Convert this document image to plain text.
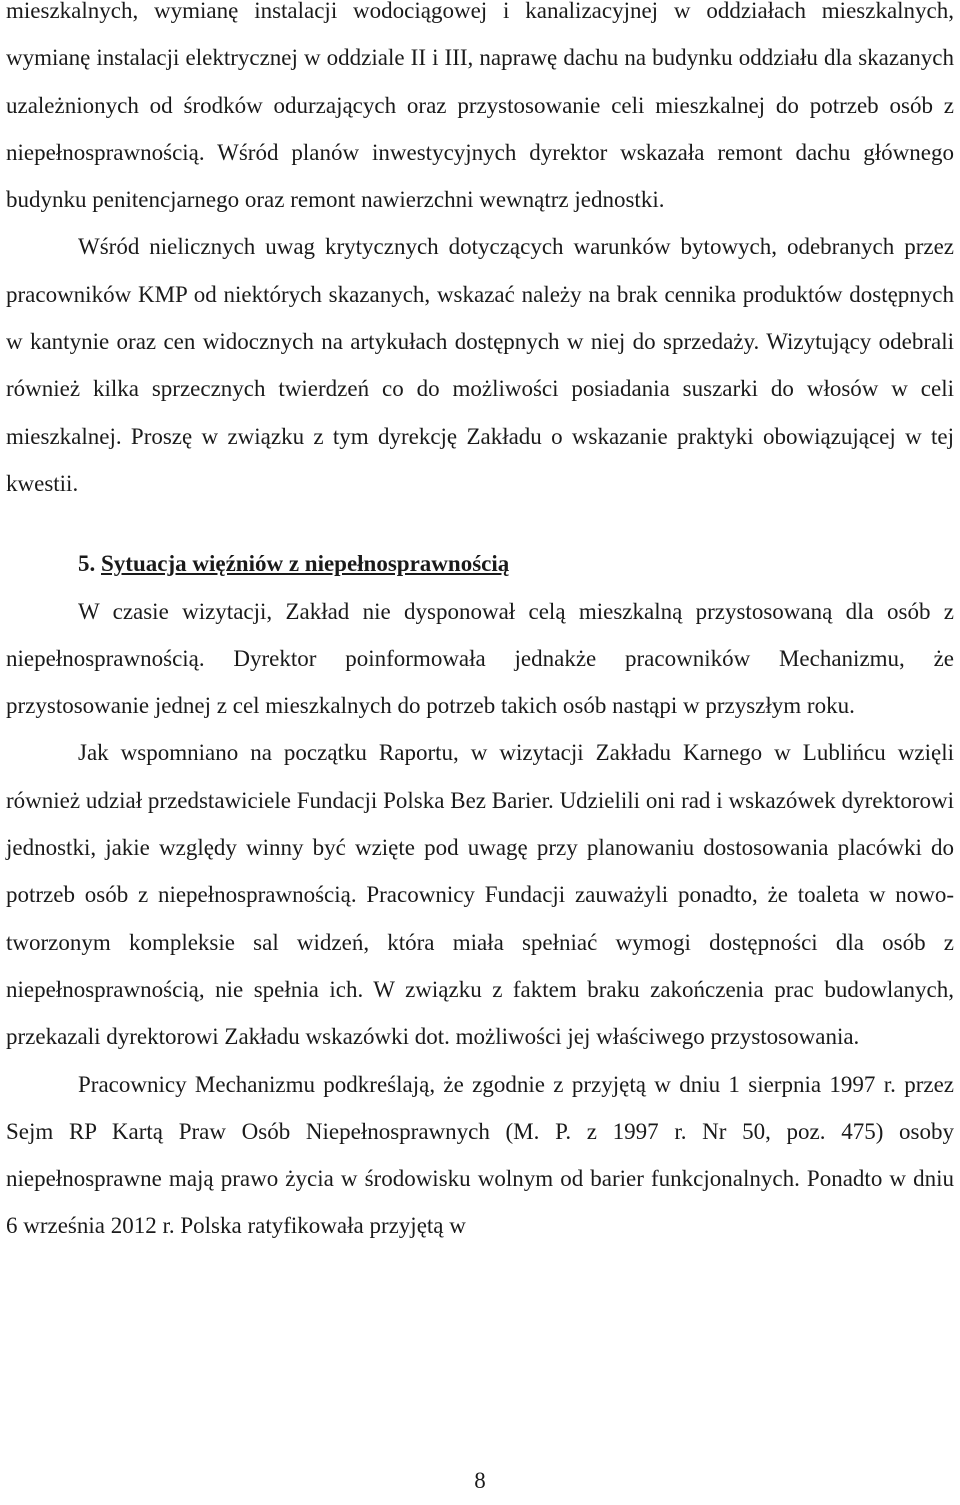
mieszkalnych, wymianę instalacji wodociągowej i kanalizacyjnej w oddziałach mieszkalnych, wymianę instalacji elektrycznej w oddziale II i III, naprawę dachu na budynku oddziału dla skazanych uzależnionych od środków odurzających oraz przystosowanie celi mieszkalnej do potrzeb osób z niepełnosprawnością. Wśród planów inwestycyjnych dyrektor wskazała remont dachu głównego budynku penitencjarnego oraz remont nawierzchni wewnątrz jednostki.

Wśród nielicznych uwag krytycznych dotyczących warunków bytowych, odebranych przez pracowników KMP od niektórych skazanych, wskazać należy na brak cennika produktów dostępnych w kantynie oraz cen widocznych na artykułach dostępnych w niej do sprzedaży. Wizytujący odebrali również kilka sprzecznych twierdzeń co do możliwości posiadania suszarki do włosów w celi mieszkalnej. Proszę w związku z tym dyrekcję Zakładu o wskazanie praktyki obowiązującej w tej kwestii.

5. Sytuacja więźniów z niepełnosprawnością

W czasie wizytacji, Zakład nie dysponował celą mieszkalną przystosowaną dla osób z niepełnosprawnością. Dyrektor poinformowała jednakże pracowników Mechanizmu, że przystosowanie jednej z cel mieszkalnych do potrzeb takich osób nastąpi w przyszłym roku.

Jak wspomniano na początku Raportu, w wizytacji Zakładu Karnego w Lublińcu wzięli również udział przedstawiciele Fundacji Polska Bez Barier. Udzielili oni rad i wskazówek dyrektorowi jednostki, jakie względy winny być wzięte pod uwagę przy planowaniu dostosowania placówki do potrzeb osób z niepełnosprawnością. Pracownicy Fundacji zauważyli ponadto, że toaleta w nowo-tworzonym kompleksie sal widzeń, która miała spełniać wymogi dostępności dla osób z niepełnosprawnością, nie spełnia ich. W związku z faktem braku zakończenia prac budowlanych, przekazali dyrektorowi Zakładu wskazówki dot. możliwości jej właściwego przystosowania.

Pracownicy Mechanizmu podkreślają, że zgodnie z przyjętą w dniu 1 sierpnia 1997 r. przez Sejm RP Kartą Praw Osób Niepełnosprawnych (M. P. z 1997 r. Nr 50, poz. 475) osoby niepełnosprawne mają prawo życia w środowisku wolnym od barier funkcjonalnych. Ponadto w dniu 6 września 2012 r. Polska ratyfikowała przyjętą w

8
